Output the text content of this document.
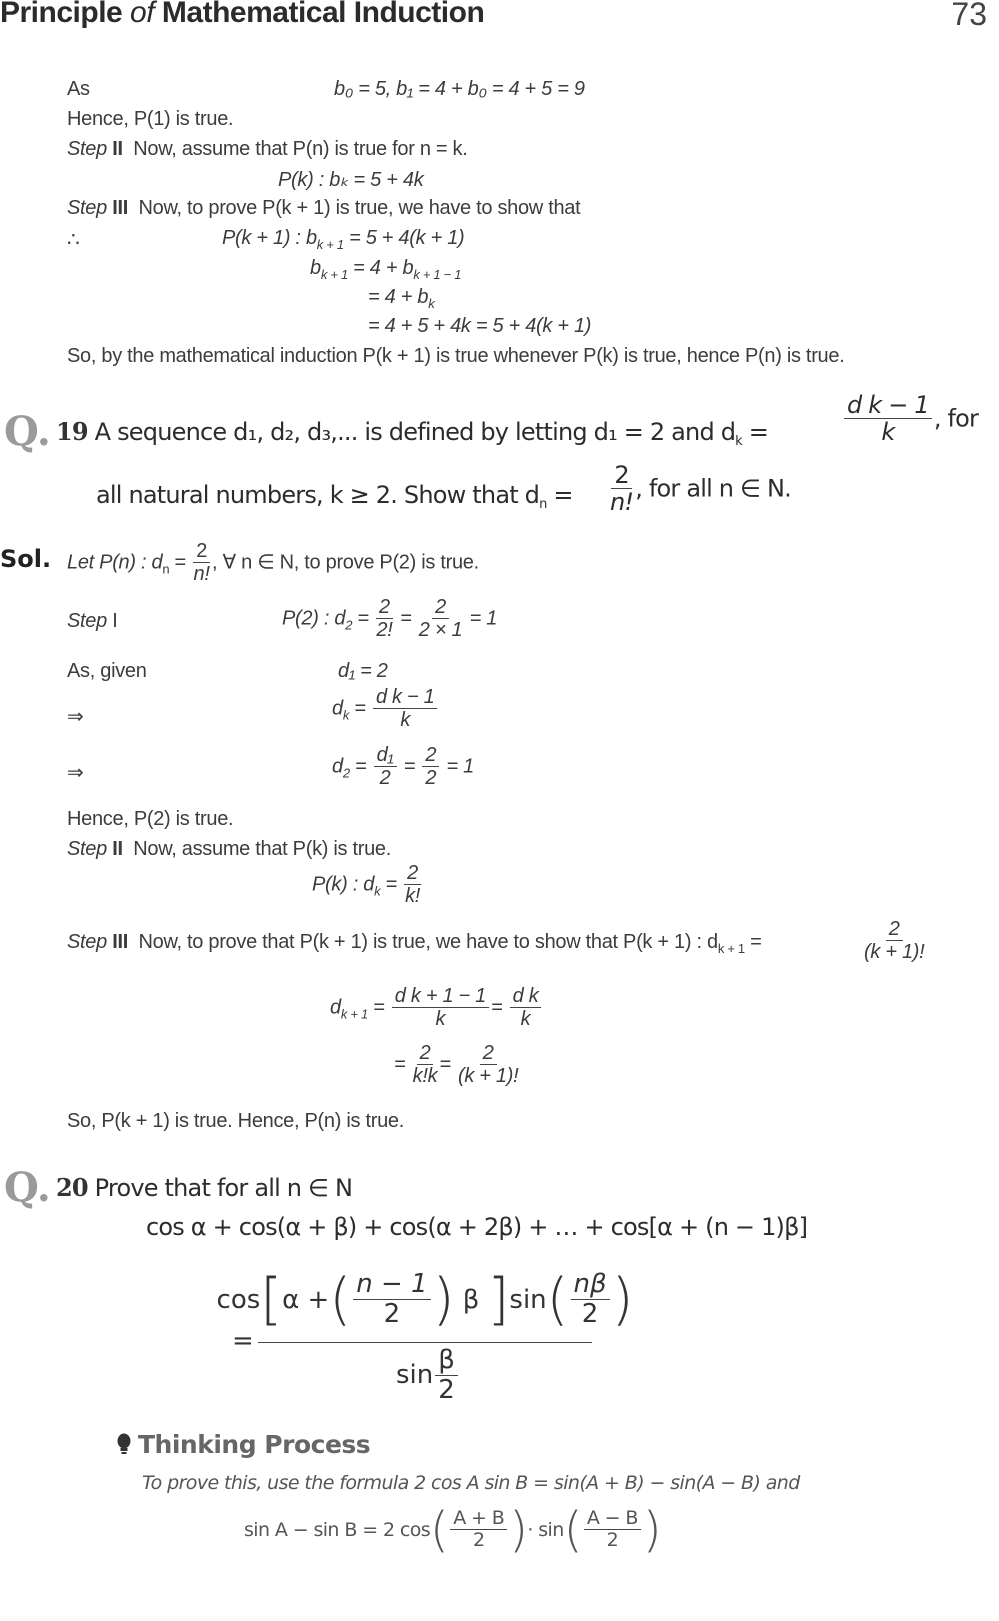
Principle of Mathematical Induction	73
As	b₀ = 5, b₁ = 4 + b₀ = 4 + 5 = 9
Hence, P(1) is true.
Step II Now, assume that P(n) is true for n = k.
P(k) : bₖ = 5 + 4k
Step III Now, to prove P(k + 1) is true, we have to show that
∴	P(k + 1) : $b_{k + 1} = 5 + 4(k + 1)$
$b_{k + 1} = 4 + b_{k + 1 - 1}$
= $4 + b_k$
= 4 + 5 + 4k = 5 + 4(k + 1)
So, by the mathematical induction P(k + 1) is true whenever P(k) is true, hence P(n) is true.
Q. 19 A sequence d₁, d₂, d₃,... is defined by letting d₁ = 2 and $d_k$ =	$\frac{\text{d k − 1}}{k}$ , for
all natural numbers, k ≥ 2. Show that $d_n = \frac{2}{n!}$ , for all n ∈ N.
Sol. Let P(n) : $d_n = \frac{2}{n!}$ , ∀ n ∈ N, to prove P(2) is true.
Step I	P(2) : $d_2 = \frac{2}{2!} = \frac{2}{2 \times 1} = 1$
As, given	d₁ = 2
⇒	$d_k = \frac{\text{d k − 1}}{k}$
⇒	$d_2 = \frac{\text{d₁}}{2} = \frac{2}{2} = 1$
Hence, P(2) is true.
Step II Now, assume that P(k) is true.
P(k) : $d_k = \frac{2}{k!}$
Step III Now, to prove that P(k + 1) is true, we have to show that P(k + 1) : $d_{k + 1}$ =	$\frac{2}{(k + 1)!}$
$d_{k + 1} = \frac{\text{d k + 1 − 1}}{k} = \frac{\text{d k}}{k}$
= $\frac{2}{k!k} = \frac{2}{(k + 1)!}$
So, P(k + 1) is true. Hence, P(n) is true.
Q. 20 Prove that for all n ∈ N
cos α + cos(α + β) + cos(α + 2β) + … + cos[α + (n − 1)β]
=
cos [ α + ( $\frac{n - 1}{2}$ )
β
] sin ( $\frac{n\beta}{2}$ )
$\sin \frac{\beta}{2}$
Thinking Process
To prove this, use the formula 2 cos A sin B = sin(A + B) − sin(A − B) and
sin A − sin B = 2 cos ( $\frac{A + B}{2}$ ) · sin ( $\frac{A - B}{2}$ )
